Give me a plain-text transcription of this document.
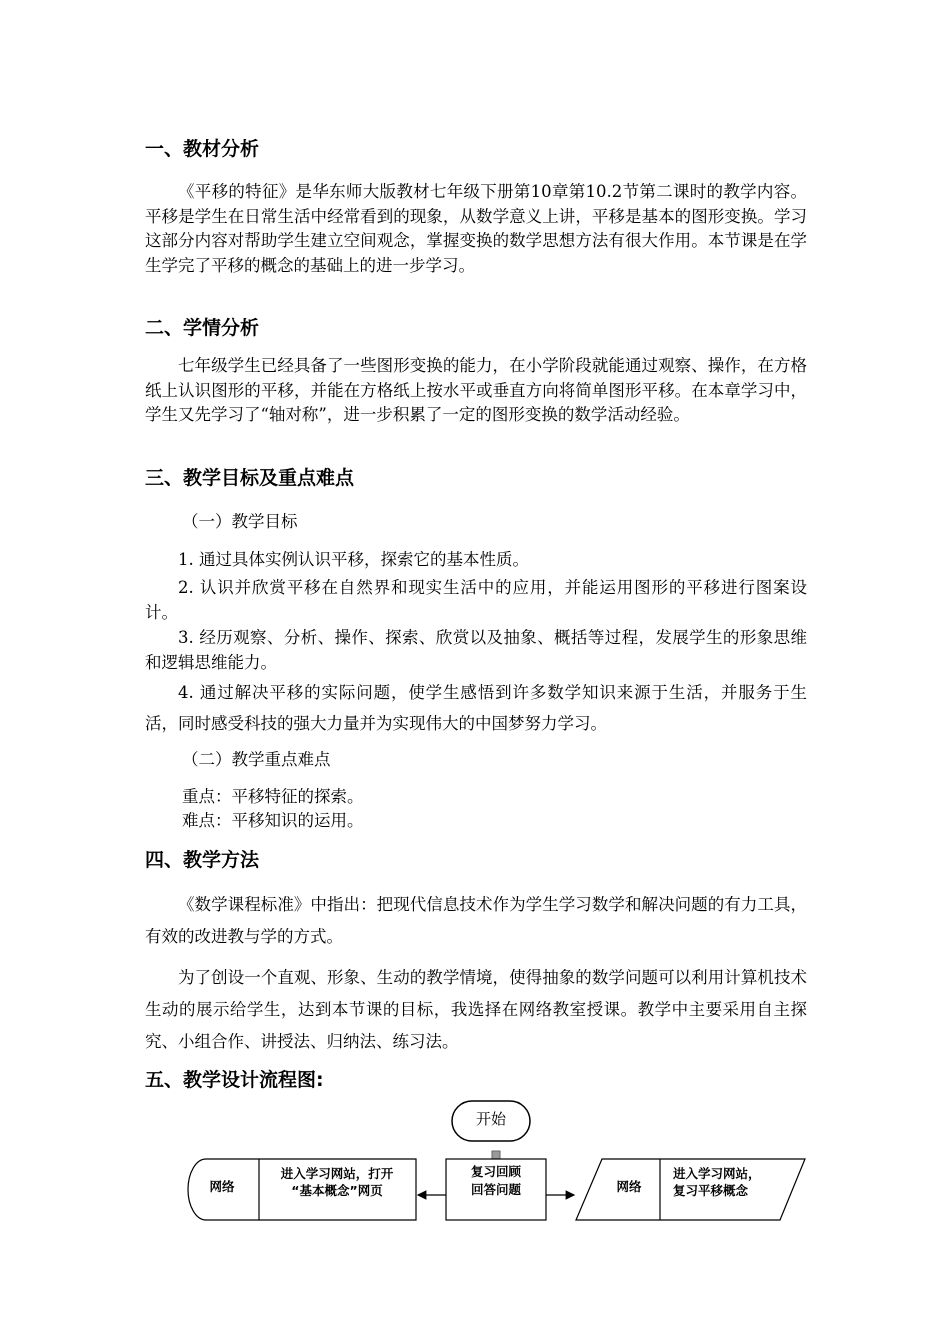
一、教材分析

《平移的特征》是华东师大版教材七年级下册第10章第10.2节第二课时的教学内容。平移是学生在日常生活中经常看到的现象，从数学意义上讲，平移是基本的图形变换。学习这部分内容对帮助学生建立空间观念，掌握变换的数学思想方法有很大作用。本节课是在学生学完了平移的概念的基础上的进一步学习。

二、学情分析

七年级学生已经具备了一些图形变换的能力，在小学阶段就能通过观察、操作，在方格纸上认识图形的平移，并能在方格纸上按水平或垂直方向将简单图形平移。在本章学习中，学生又先学习了“轴对称”，进一步积累了一定的图形变换的数学活动经验。

三、教学目标及重点难点
（一）教学目标

1. 通过具体实例认识平移，探索它的基本性质。

2. 认识并欣赏平移在自然界和现实生活中的应用，并能运用图形的平移进行图案设计。

3. 经历观察、分析、操作、探索、欣赏以及抽象、概括等过程，发展学生的形象思维和逻辑思维能力。

4. 通过解决平移的实际问题，使学生感悟到许多数学知识来源于生活，并服务于生活，同时感受科技的强大力量并为实现伟大的中国梦努力学习。

（二）教学重点难点
重点：平移特征的探索。
难点：平移知识的运用。
四、教学方法

《数学课程标准》中指出：把现代信息技术作为学生学习数学和解决问题的有力工具，有效的改进教与学的方式。

为了创设一个直观、形象、生动的教学情境，使得抽象的数学问题可以利用计算机技术生动的展示给学生，达到本节课的目标，我选择在网络教室授课。教学中主要采用自主探究、小组合作、讲授法、归纳法、练习法。

五、教学设计流程图:
开始
复习回顾
回答问题
网络
进入学习网站，打开
“基本概念”网页	网络
进入学习网站，
复习平移概念
